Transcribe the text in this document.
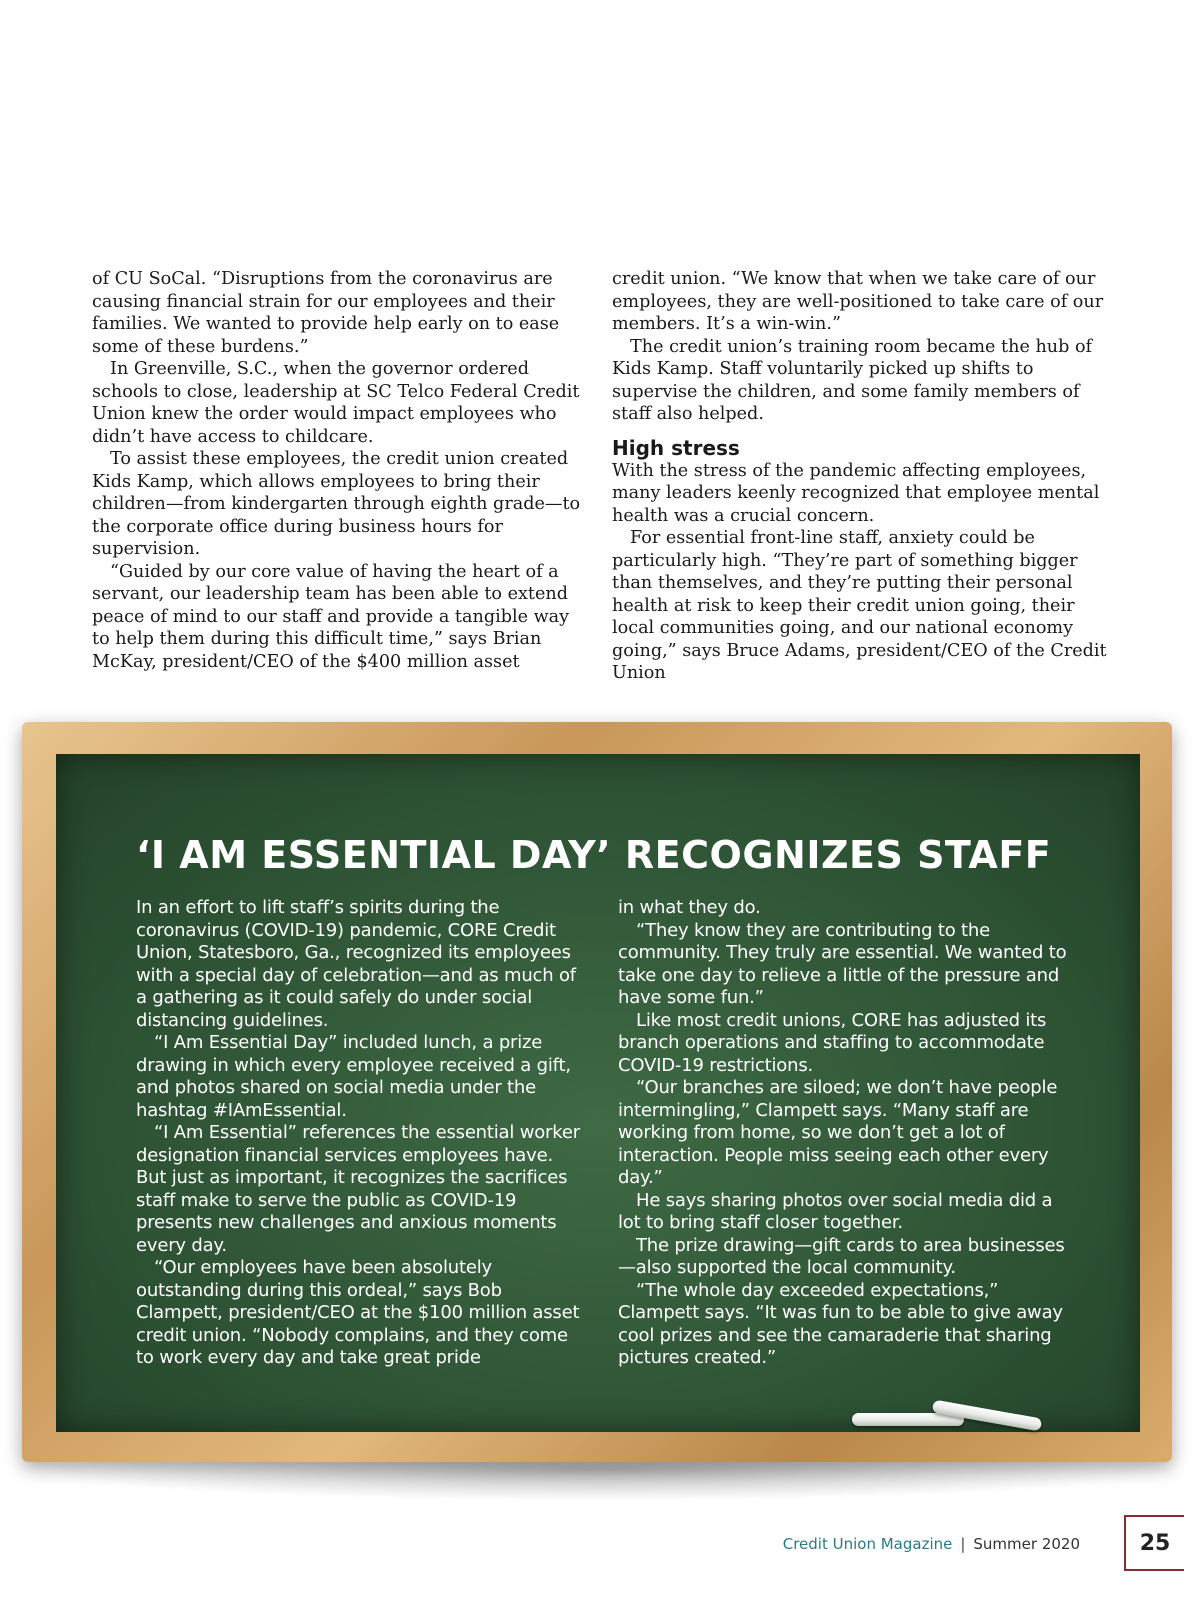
of CU SoCal. “Disruptions from the coronavirus are causing financial strain for our employees and their families. We wanted to provide help early on to ease some of these burdens.”

In Greenville, S.C., when the governor ordered schools to close, leadership at SC Telco Federal Credit Union knew the order would impact employees who didn’t have access to childcare.

To assist these employees, the credit union created Kids Kamp, which allows employees to bring their children—from kindergarten through eighth grade—to the corporate office during business hours for supervision.

“Guided by our core value of having the heart of a servant, our leadership team has been able to extend peace of mind to our staff and provide a tangible way to help them during this difficult time,” says Brian McKay, president/CEO of the $400 million asset

credit union. “We know that when we take care of our employees, they are well-positioned to take care of our members. It’s a win-win.”

The credit union’s training room became the hub of Kids Kamp. Staff voluntarily picked up shifts to supervise the children, and some family members of staff also helped.

High stress

With the stress of the pandemic affecting employees, many leaders keenly recognized that employee mental health was a crucial concern.

For essential front-line staff, anxiety could be particularly high. “They’re part of something bigger than themselves, and they’re putting their personal health at risk to keep their credit union going, their local communities going, and our national economy going,” says Bruce Adams, president/CEO of the Credit Union

‘I AM ESSENTIAL DAY’ RECOGNIZES STAFF

In an effort to lift staff’s spirits during the coronavirus (COVID-19) pandemic, CORE Credit Union, Statesboro, Ga., recognized its employees with a special day of celebration—and as much of a gathering as it could safely do under social distancing guidelines.

“I Am Essential Day” included lunch, a prize drawing in which every employee received a gift, and photos shared on social media under the hashtag #IAmEssential.

“I Am Essential” references the essential worker designation financial services employees have. But just as important, it recognizes the sacrifices staff make to serve the public as COVID-19 presents new challenges and anxious moments every day.

“Our employees have been absolutely outstanding during this ordeal,” says Bob Clampett, president/CEO at the $100 million asset credit union. “Nobody complains, and they come to work every day and take great pride

in what they do.

“They know they are contributing to the community. They truly are essential. We wanted to take one day to relieve a little of the pressure and have some fun.”

Like most credit unions, CORE has adjusted its branch operations and staffing to accommodate COVID-19 restrictions.

“Our branches are siloed; we don’t have people intermingling,” Clampett says. “Many staff are working from home, so we don’t get a lot of interaction. People miss seeing each other every day.”

He says sharing photos over social media did a lot to bring staff closer together.

The prize drawing—gift cards to area businesses—also supported the local community.

“The whole day exceeded expectations,” Clampett says. “It was fun to be able to give away cool prizes and see the camaraderie that sharing pictures created.”

Credit Union Magazine | Summer 2020	25
